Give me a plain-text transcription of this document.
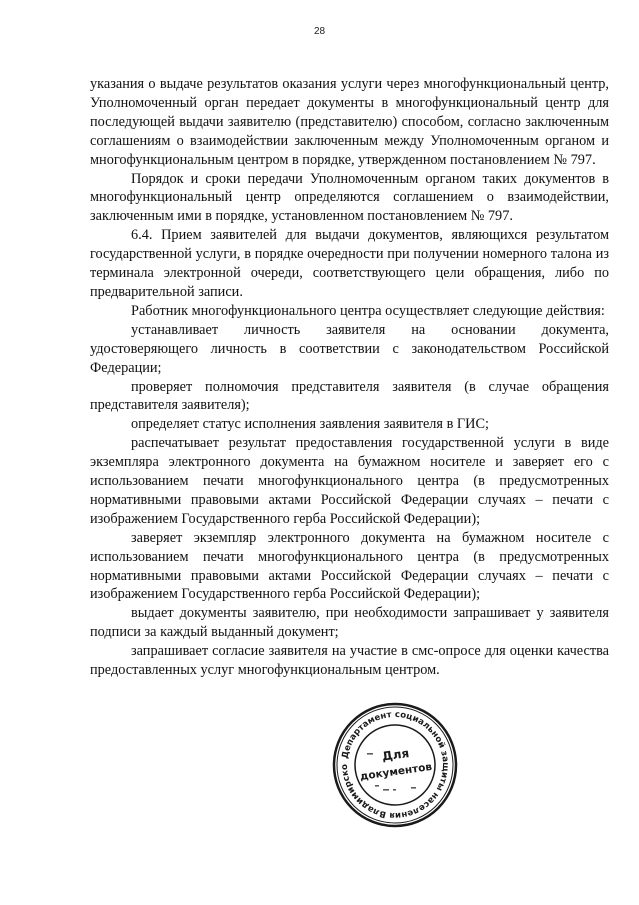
28

указания о выдаче результатов оказания услуги через многофункциональный центр, Уполномоченный орган передает документы в многофункциональный центр для последующей выдачи заявителю (представителю) способом, согласно заключенным соглашениям о взаимодействии заключенным между Уполномоченным органом и многофункциональным центром в порядке, утвержденном постановлением № 797.

Порядок и сроки передачи Уполномоченным органом таких документов в многофункциональный центр определяются соглашением о взаимодействии, заключенным ими в порядке, установленном постановлением № 797.

6.4. Прием заявителей для выдачи документов, являющихся результатом государственной услуги, в порядке очередности при получении номерного талона из терминала электронной очереди, соответствующего цели обращения, либо по предварительной записи.

Работник многофункционального центра осуществляет следующие действия:

устанавливает личность заявителя на основании документа, удостоверяющего личность в соответствии с законодательством Российской Федерации;

проверяет полномочия представителя заявителя (в случае обращения представителя заявителя);

определяет статус исполнения заявления заявителя в ГИС;

распечатывает результат предоставления государственной услуги в виде экземпляра электронного документа на бумажном носителе и заверяет его с использованием печати многофункционального центра (в предусмотренных нормативными правовыми актами Российской Федерации случаях – печати с изображением Государственного герба Российской Федерации);

заверяет экземпляр электронного документа на бумажном носителе с использованием печати многофункционального центра (в предусмотренных нормативными правовыми актами Российской Федерации случаях – печати с изображением Государственного герба Российской Федерации);

выдает документы заявителю, при необходимости запрашивает у заявителя подписи за каждый выданный документ;

запрашивает согласие заявителя на участие в смс-опросе для оценки качества предоставленных услуг многофункциональным центром.

Департамент социальной защиты населения Владимирско
Для
документов
